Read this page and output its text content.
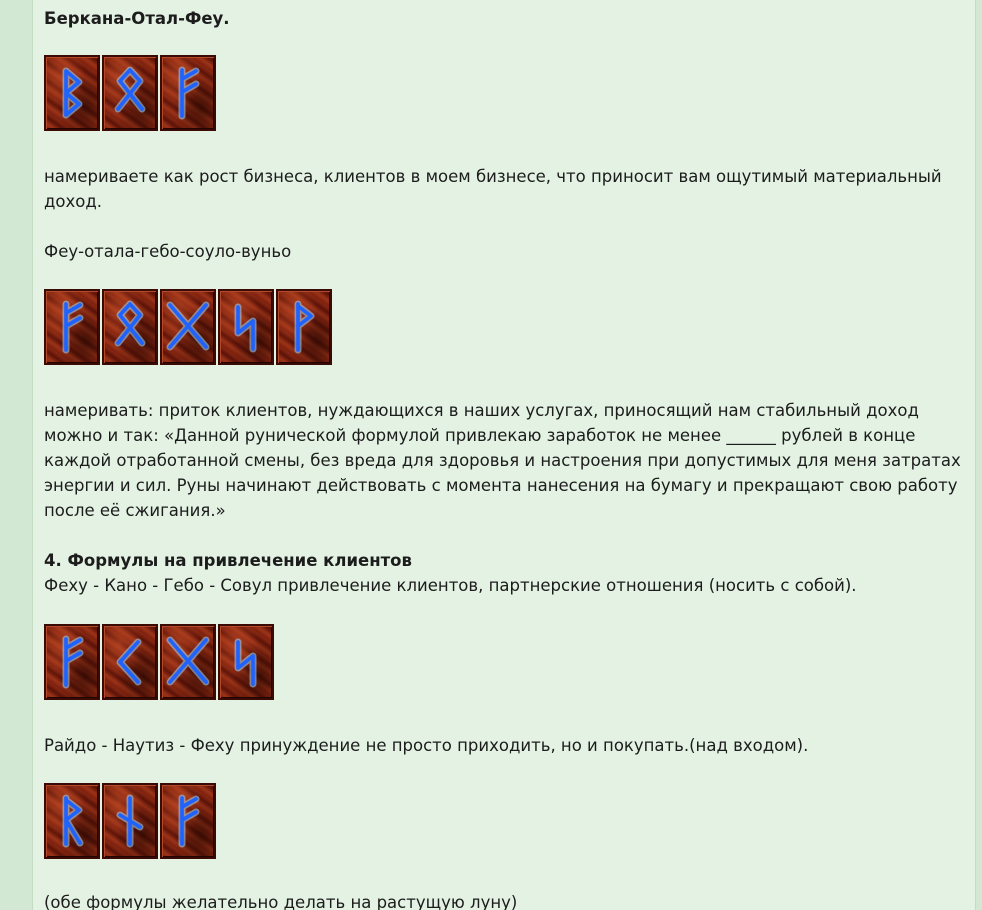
Беркана-Отал-Феу.

намериваете как рост бизнеса, клиентов в моем бизнесе, что приносит вам ощутимый материальный

доход.

Феу-отала-гебо-соуло-вуньо

намеривать: приток клиентов, нуждающихся в наших услугах, приносящий нам стабильный доход

можно и так: «Данной рунической формулой привлекаю заработок не менее ______ рублей в конце

каждой отработанной смены, без вреда для здоровья и настроения при допустимых для меня затратах

энергии и сил. Руны начинают действовать с момента нанесения на бумагу и прекращают свою работу

после её сжигания.»

4. Формулы на привлечение клиентов

Феху - Кано - Гебо - Совул привлечение клиентов, партнерские отношения (носить с собой).

Райдо - Наутиз - Феху принуждение не просто приходить, но и покупать.(над входом).

(обе формулы желательно делать на растущую луну)
